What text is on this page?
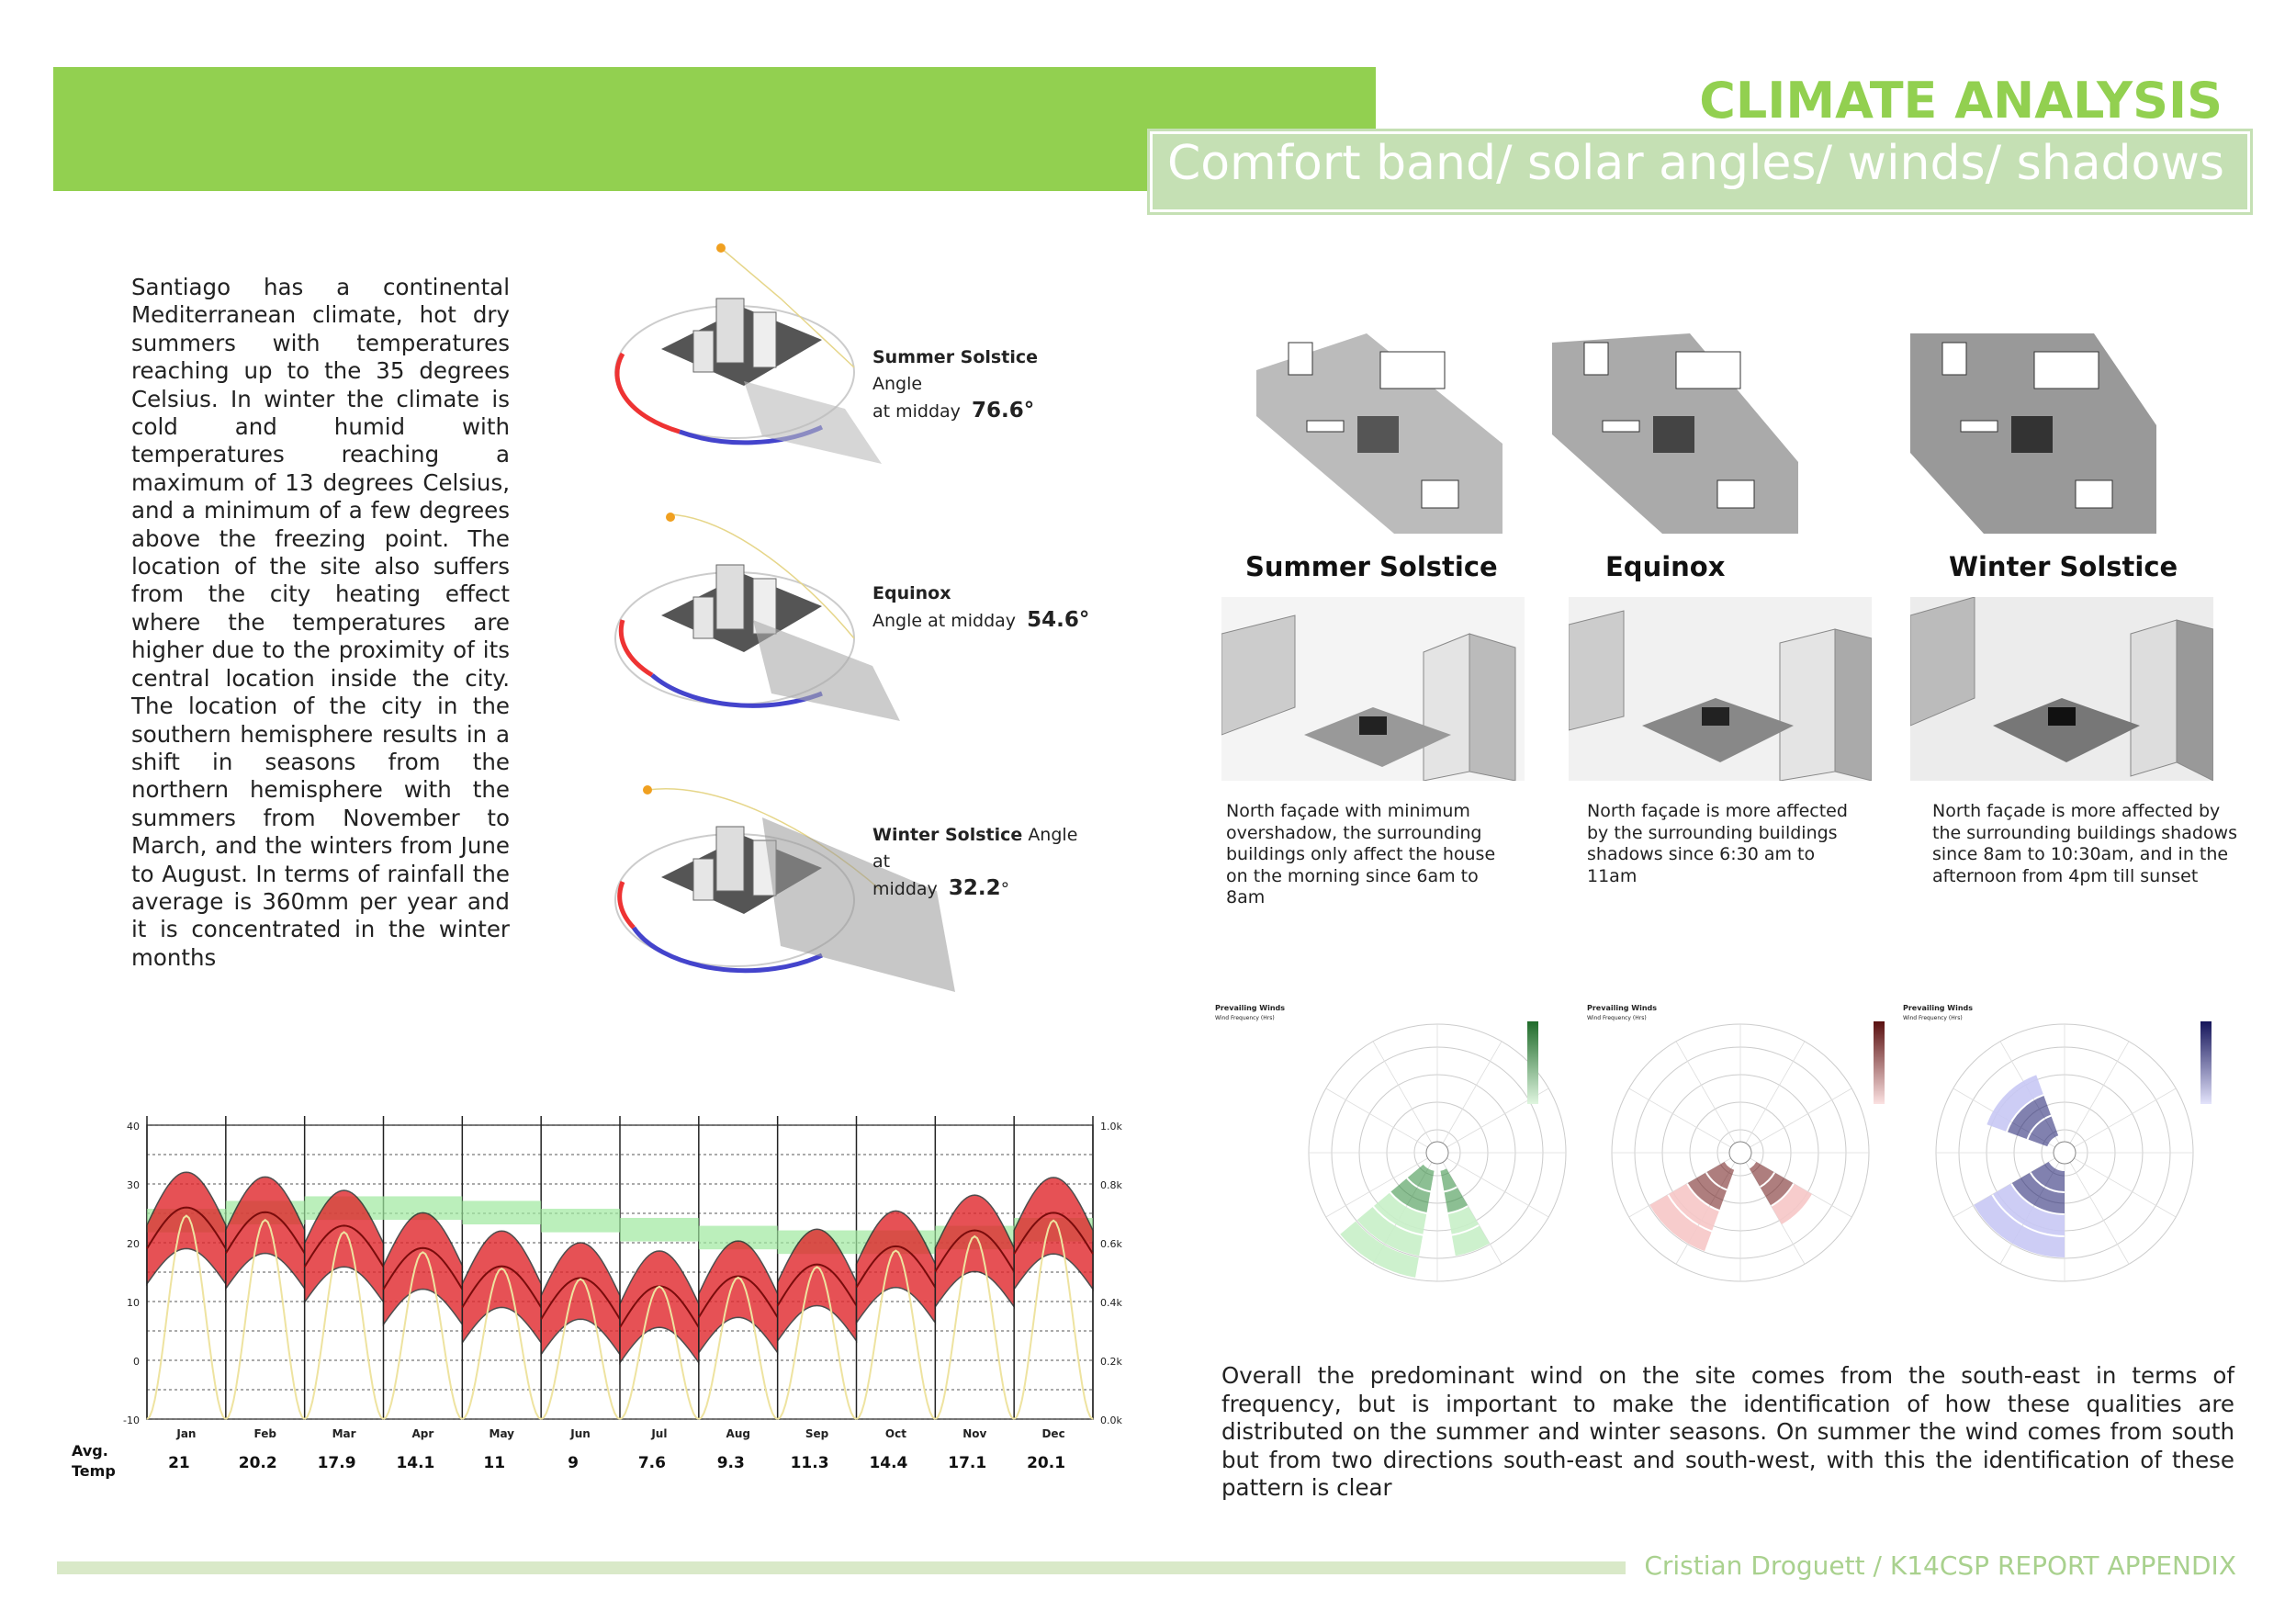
CLIMATE ANALYSIS
Comfort band/ solar angles/ winds/ shadows
Santiago has a continental Mediterranean climate, hot dry summers with temperatures reaching up to the 35 degrees Celsius. In winter the climate is cold and humid with temperatures reaching a maximum of 13 degrees Celsius, and a minimum of a few degrees above the freezing point. The location of the site also suffers from the city heating effect where the temperatures are higher due to the proximity of its central location inside the city. The location of the city in the southern hemisphere results in a shift in seasons from the northern hemisphere with the summers from November to March, and the winters from June to August. In terms of rainfall the average is 360mm per year and it is concentrated in the winter months
Summer Solstice Angle
at midday 76.6°
Equinox
Angle at midday 54.6°
Winter Solstice Angle at
midday 32.2°
Summer Solstice	Equinox	Winter Solstice
North façade with minimum overshadow, the surrounding buildings only affect the house on the morning since 6am to 8am
North façade is more affected by the surrounding buildings shadows since 6:30 am to 11am
North façade is more affected by the surrounding buildings shadows since 8am to 10:30am, and in the afternoon from 4pm till sunset
Prevailing Winds
Wind Frequency (Hrs)
Prevailing Winds
Wind Frequency (Hrs)
Prevailing Winds
Wind Frequency (Hrs)
Overall the predominant wind on the site comes from the south-east in terms of frequency, but is important to make the identification of how these qualities are distributed on the summer and winter seasons. On summer the wind comes from south but from two directions south-east and south-west, with this the identification of these pattern is clear
40
30
20
10
0
-10
1.0k
0.8k
0.6k
0.4k
0.2k
0.0k
Jan
21
Feb
20.2
Mar
17.9
Apr
14.1
May
11
Jun
9
Jul
7.6
Aug
9.3
Sep
11.3
Oct
14.4
Nov
17.1
Dec
20.1
Avg.
Temp
Cristian Droguett / K14CSP REPORT APPENDIX
